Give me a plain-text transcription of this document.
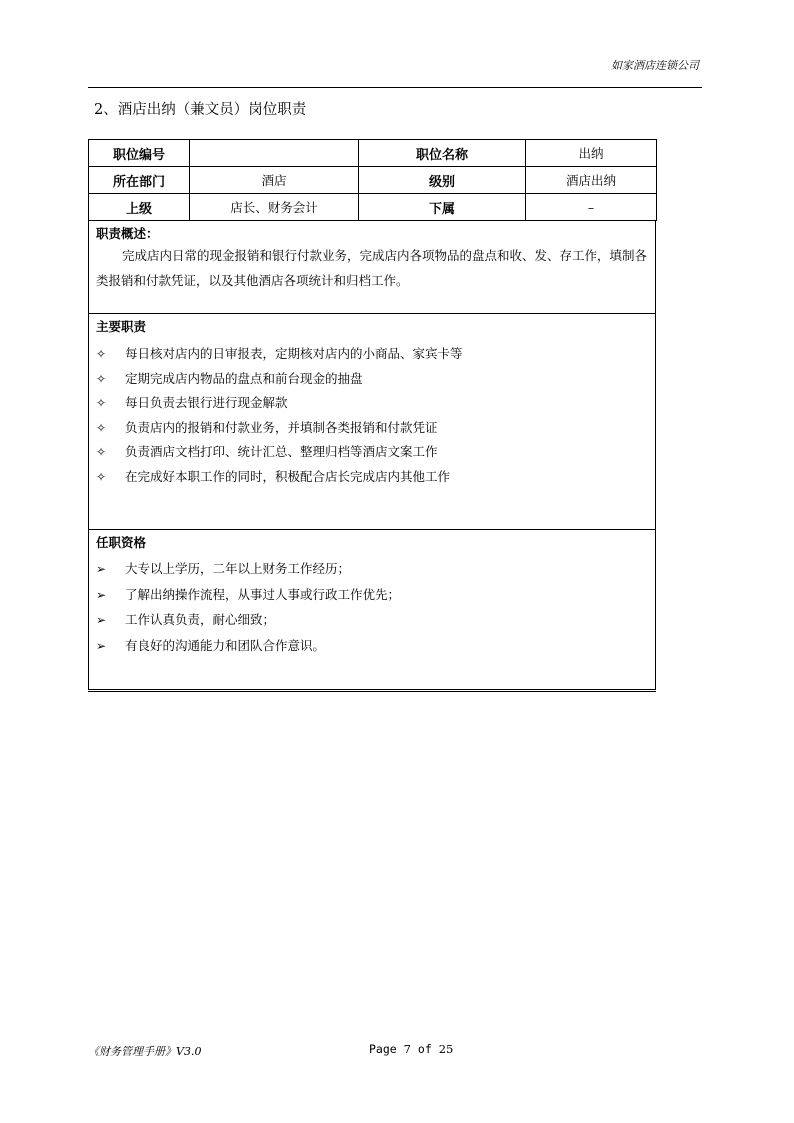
如家酒店连锁公司
2、酒店出纳（兼文员）岗位职责
职位编号		职位名称	出纳
所在部门	酒店	级别	酒店出纳
上级	店长、财务会计	下属	–
职责概述：
完成店内日常的现金报销和银行付款业务，完成店内各项物品的盘点和收、发、存工作，填制各类报销和付款凭证，以及其他酒店各项统计和归档工作。
主要职责
✧ 每日核对店内的日审报表，定期核对店内的小商品、家宾卡等
✧ 定期完成店内物品的盘点和前台现金的抽盘
✧ 每日负责去银行进行现金解款
✧ 负责店内的报销和付款业务，并填制各类报销和付款凭证
✧ 负责酒店文档打印、统计汇总、整理归档等酒店文案工作
✧ 在完成好本职工作的同时，积极配合店长完成店内其他工作
任职资格
➢ 大专以上学历，二年以上财务工作经历；
➢ 了解出纳操作流程，从事过人事或行政工作优先；
➢ 工作认真负责，耐心细致；
➢ 有良好的沟通能力和团队合作意识。
《财务管理手册》V3.0	Page 7 of 25
